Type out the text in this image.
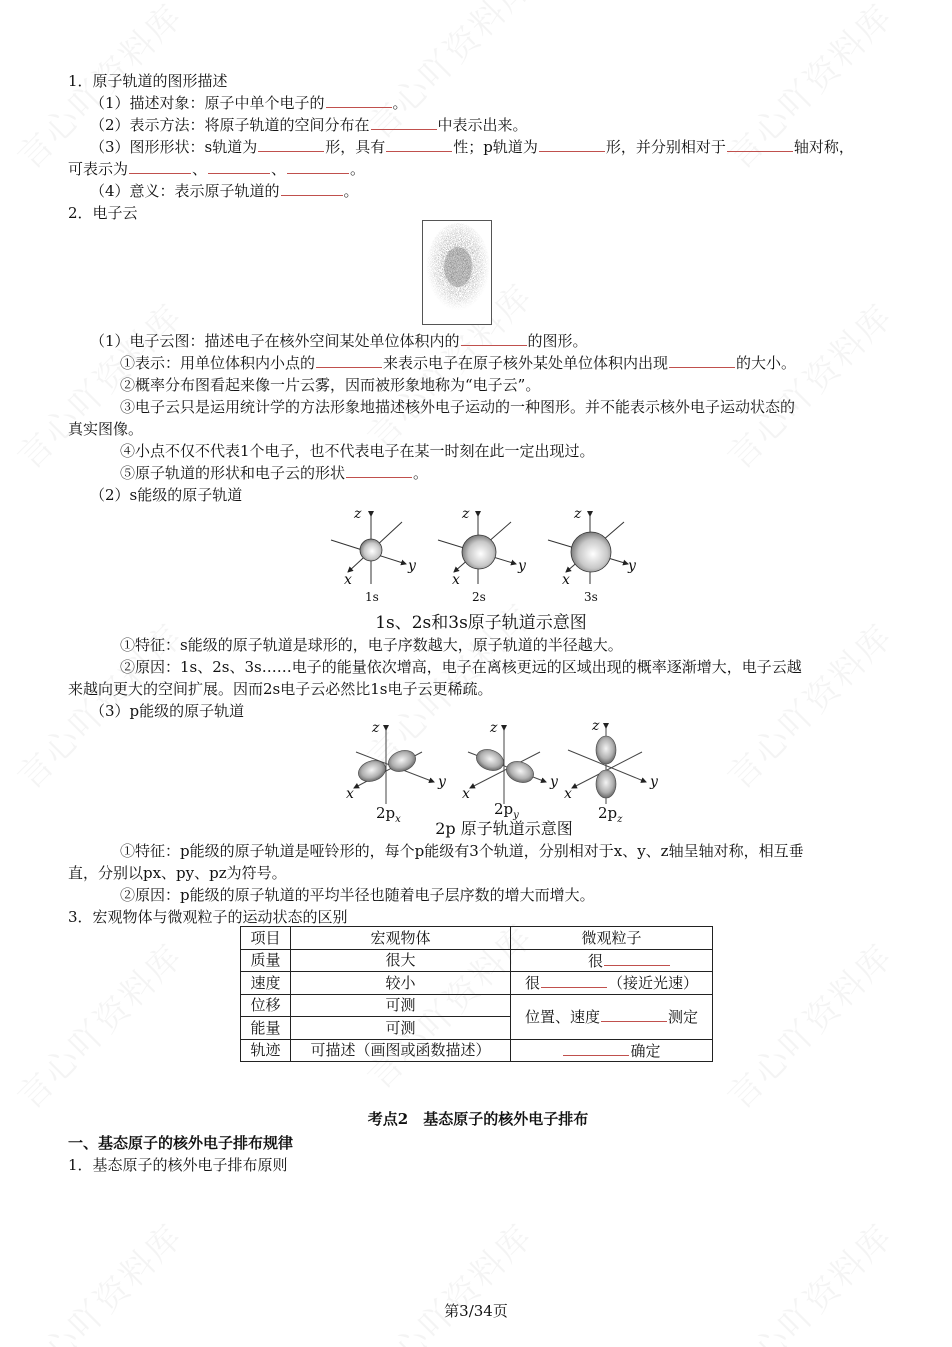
1．原子轨道的图形描述
（1）描述对象：原子中单个电子的	。
（2）表示方法：将原子轨道的空间分布在	中表示出来。
（3）图形形状：s轨道为	形，具有	性；p轨道为	形，并分别相对于	轴对称，
可表示为	、	、	。
（4）意义：表示原子轨道的	。
2．电子云
（1）电子云图：描述电子在核外空间某处单位体积内的	的图形。
①表示：用单位体积内小点的	来表示电子在原子核外某处单位体积内出现	的大小。
②概率分布图看起来像一片云雾，因而被形象地称为“电子云”。
③电子云只是运用统计学的方法形象地描述核外电子运动的一种图形。并不能表示核外电子运动状态的
真实图像。
④小点不仅不代表1个电子，也不代表电子在某一时刻在此一定出现过。
⑤原子轨道的形状和电子云的形状	。
（2）s能级的原子轨道
z
x
y
z
x
y
z
x
y
1s	2s	3s
1s、2s和3s原子轨道示意图
①特征：s能级的原子轨道是球形的，电子序数越大，原子轨道的半径越大。
②原因：1s、2s、3s……电子的能量依次增高，电子在离核更远的区域出现的概率逐渐增大，电子云越
来越向更大的空间扩展。因而2s电子云必然比1s电子云更稀疏。
（3）p能级的原子轨道
z
x
y
z
x
y
z
x
y
$2p_x$
$2p_y$	$2p_z$
2p 原子轨道示意图
①特征：p能级的原子轨道是哑铃形的，每个p能级有3个轨道，分别相对于x、y、z轴呈轴对称，相互垂
直，分别以px、py、pz为符号。
②原因：p能级的原子轨道的平均半径也随着电子层序数的增大而增大。
3．宏观物体与微观粒子的运动状态的区别
项目	宏观物体	微观粒子
质量	很大	很
速度	较小	很 （接近光速）
位移	可测	位置、速度 测定
能量	可测	
轨迹	可描述（画图或函数描述）	确定
考点2　基态原子的核外电子排布
一、基态原子的核外电子排布规律
1．基态原子的核外电子排布原则
第3/34页
